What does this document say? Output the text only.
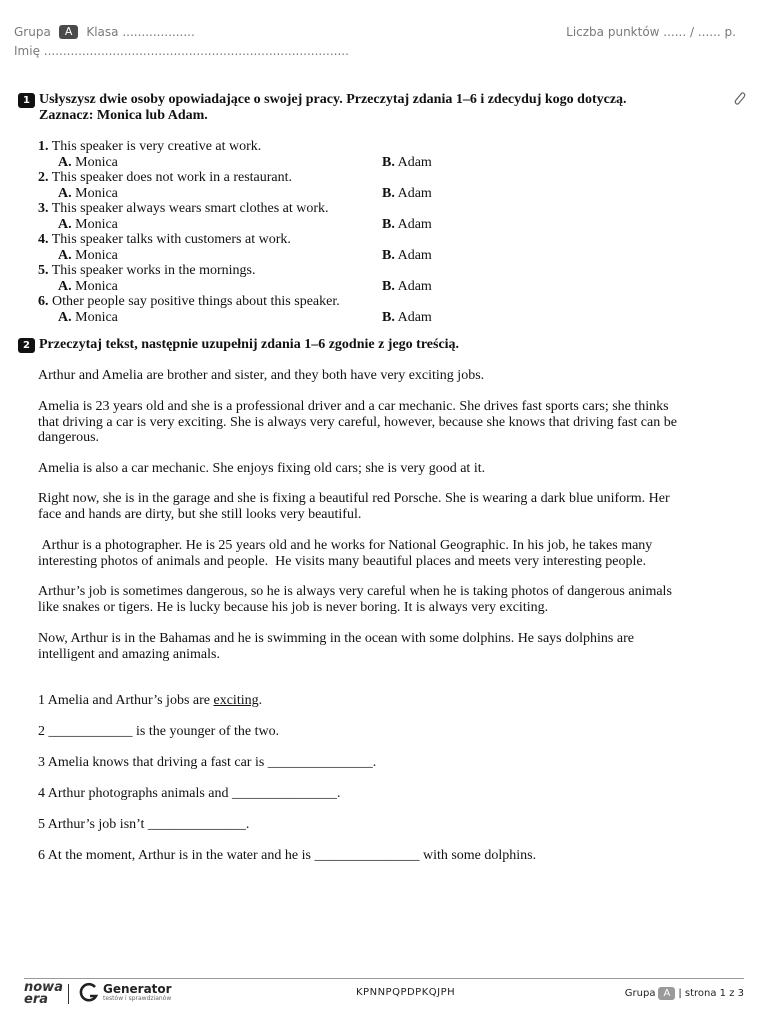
Grupa	A	Klasa ...................
Imię ................................................................................
Liczba punktów ...... / ...... p.
1 Usłyszysz dwie osoby opowiadające o swojej pracy. Przeczytaj zdania 1–6 i zdecyduj kogo dotyczą.
Zaznacz: Monica lub Adam.
1. This speaker is very creative at work.
A. Monica	B. Adam
2. This speaker does not work in a restaurant.
A. Monica	B. Adam
3. This speaker always wears smart clothes at work.
A. Monica	B. Adam
4. This speaker talks with customers at work.
A. Monica	B. Adam
5. This speaker works in the mornings.
A. Monica	B. Adam
6. Other people say positive things about this speaker.
A. Monica	B. Adam
2 Przeczytaj tekst, następnie uzupełnij zdania 1–6 zgodnie z jego treścią.
Arthur and Amelia are brother and sister, and they both have very exciting jobs.
Amelia is 23 years old and she is a professional driver and a car mechanic. She drives fast sports cars; she thinks that driving a car is very exciting. She is always very careful, however, because she knows that driving fast can be dangerous.
Amelia is also a car mechanic. She enjoys fixing old cars; she is very good at it.
Right now, she is in the garage and she is fixing a beautiful red Porsche. She is wearing a dark blue uniform. Her face and hands are dirty, but she still looks very beautiful.
Arthur is a photographer. He is 25 years old and he works for National Geographic. In his job, he takes many interesting photos of animals and people.  He visits many beautiful places and meets very interesting people.
Arthur’s job is sometimes dangerous, so he is always very careful when he is taking photos of dangerous animals like snakes or tigers. He is lucky because his job is never boring. It is always very exciting.
Now, Arthur is in the Bahamas and he is swimming in the ocean with some dolphins. He says dolphins are intelligent and amazing animals.
1 Amelia and Arthur’s jobs are exciting.
2 ____________ is the younger of the two.
3 Amelia knows that driving a fast car is _______________.
4 Arthur photographs animals and _______________.
5 Arthur’s job isn’t ______________.
6 At the moment, Arthur is in the water and he is _______________ with some dolphins.
nowa
era
Generator
testów i sprawdzianów
KPNNPQPDPKQJPH	Grupa A | strona 1 z 3
